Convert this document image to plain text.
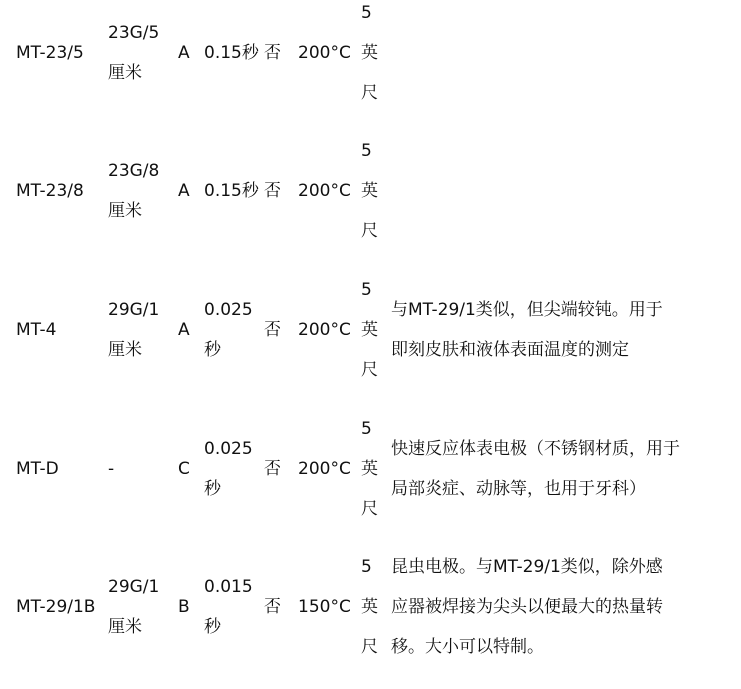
MT-23/5
23G/5
厘米
A 0.15秒 否 200°C
5
英
尺
MT-23/8
23G/8
厘米
A 0.15秒 否 200°C
5
英
尺
MT-4
29G/1
厘米
A
0.025
秒
否 200°C
5
英
尺
与MT-29/1类似，但尖端较钝。用于
即刻皮肤和液体表面温度的测定
MT-D	-	C
0.025
秒
否 200°C
5
英
尺
快速反应体表电极（不锈钢材质，用于
局部炎症、动脉等，也用于牙科）
MT-29/1B
29G/1
厘米
B
0.015
秒
否 150°C
5
英
尺
昆虫电极。与MT-29/1类似，除外感
应器被焊接为尖头以便最大的热量转
移。大小可以特制。
